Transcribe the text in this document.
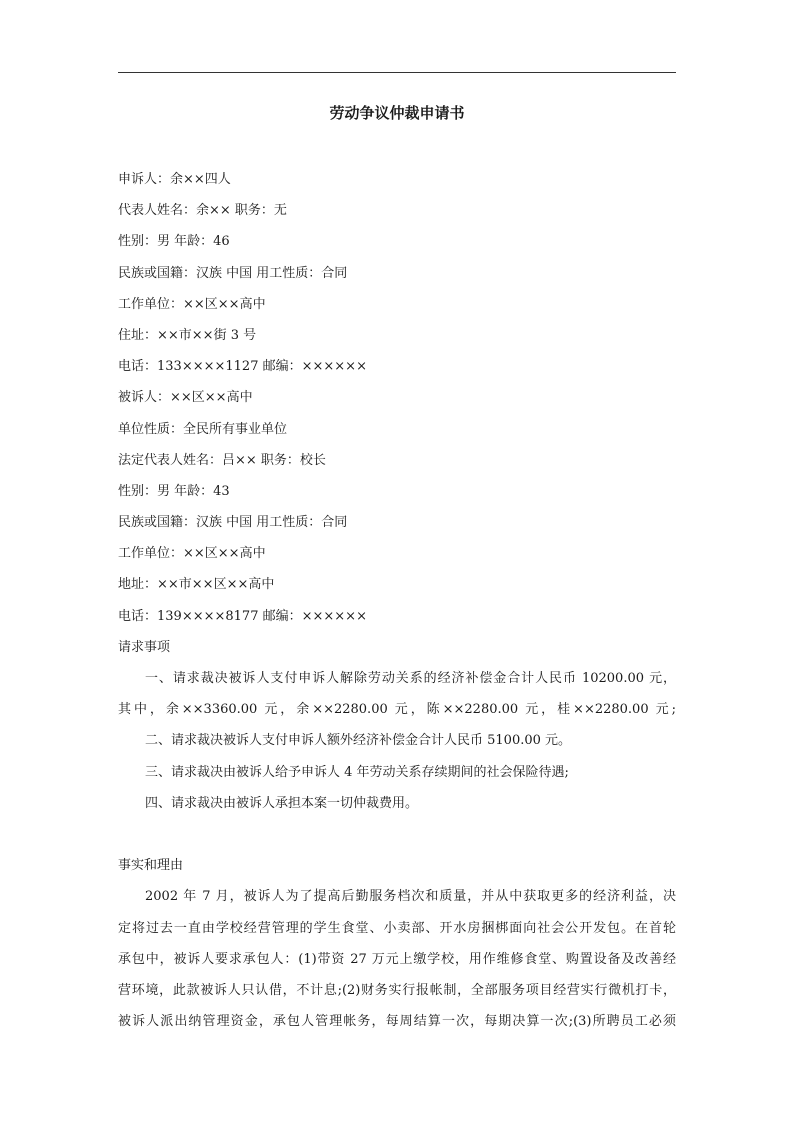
劳动争议仲裁申请书
申诉人：余××四人
代表人姓名：余×× 职务：无
性别：男 年龄：46
民族或国籍：汉族 中国 用工性质：合同
工作单位：××区××高中
住址：××市××街 3 号
电话：133××××1127 邮编：××××××
被诉人：××区××高中
单位性质：全民所有事业单位
法定代表人姓名：吕×× 职务：校长
性别：男 年龄：43
民族或国籍：汉族 中国 用工性质：合同
工作单位：××区××高中
地址：××市××区××高中
电话：139××××8177 邮编：××××××
请求事项
一、请求裁决被诉人支付申诉人解除劳动关系的经济补偿金合计人民币 10200.00 元，
其中，余××3360.00 元，余××2280.00 元，陈××2280.00 元，桂××2280.00 元;
二、请求裁决被诉人支付申诉人额外经济补偿金合计人民币 5100.00 元。
三、请求裁决由被诉人给予申诉人 4 年劳动关系存续期间的社会保险待遇;
四、请求裁决由被诉人承担本案一切仲裁费用。
事实和理由
2002 年 7 月，被诉人为了提高后勤服务档次和质量，并从中获取更多的经济利益，决
定将过去一直由学校经营管理的学生食堂、小卖部、开水房捆梆面向社会公开发包。在首轮
承包中，被诉人要求承包人：(1)带资 27 万元上缴学校，用作维修食堂、购置设备及改善经
营环境，此款被诉人只认借，不计息;(2)财务实行报帐制，全部服务项目经营实行微机打卡，
被诉人派出纳管理资金，承包人管理帐务，每周结算一次，每期决算一次;(3)所聘员工必须
